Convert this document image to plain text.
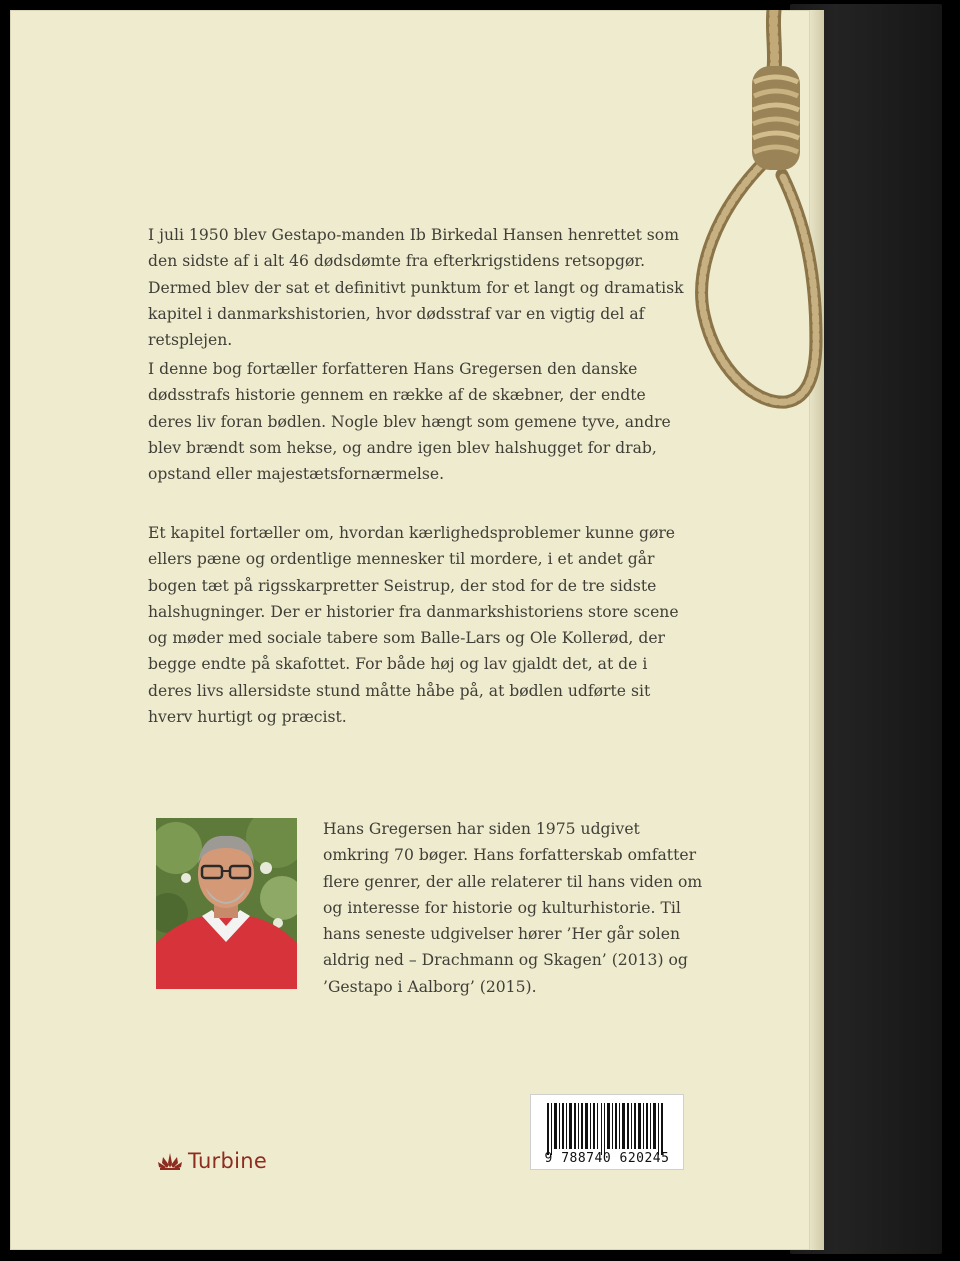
I juli 1950 blev Gestapo-manden Ib Birkedal Hansen henrettet som den sidste af i alt 46 dødsdømte fra efterkrigstidens retsopgør. Dermed blev der sat et definitivt punktum for et langt og dramatisk kapitel i danmarkshistorien, hvor dødsstraf var en vigtig del af retsplejen.

I denne bog fortæller forfatteren Hans Gregersen den danske dødsstrafs historie gennem en række af de skæbner, der endte deres liv foran bødlen. Nogle blev hængt som gemene tyve, andre blev brændt som hekse, og andre igen blev halshugget for drab, opstand eller majestætsfornærmelse.

Et kapitel fortæller om, hvordan kærlighedsproblemer kunne gøre ellers pæne og ordentlige mennesker til mordere, i et andet går bogen tæt på rigsskarpretter Seistrup, der stod for de tre sidste halshugninger. Der er historier fra danmarkshistoriens store scene og møder med sociale tabere som Balle-Lars og Ole Kollerød, der begge endte på skafottet. For både høj og lav gjaldt det, at de i deres livs allersidste stund måtte håbe på, at bødlen udførte sit hverv hurtigt og præcist.

Hans Gregersen har siden 1975 udgivet omkring 70 bøger. Hans forfatterskab omfatter flere genrer, der alle relaterer til hans viden om og interesse for historie og kulturhistorie. Til hans seneste udgivelser hører ’Her går solen aldrig ned – Drachmann og Skagen’ (2013) og ’Gestapo i Aalborg’ (2015).

Turbine	9 788740 620245
